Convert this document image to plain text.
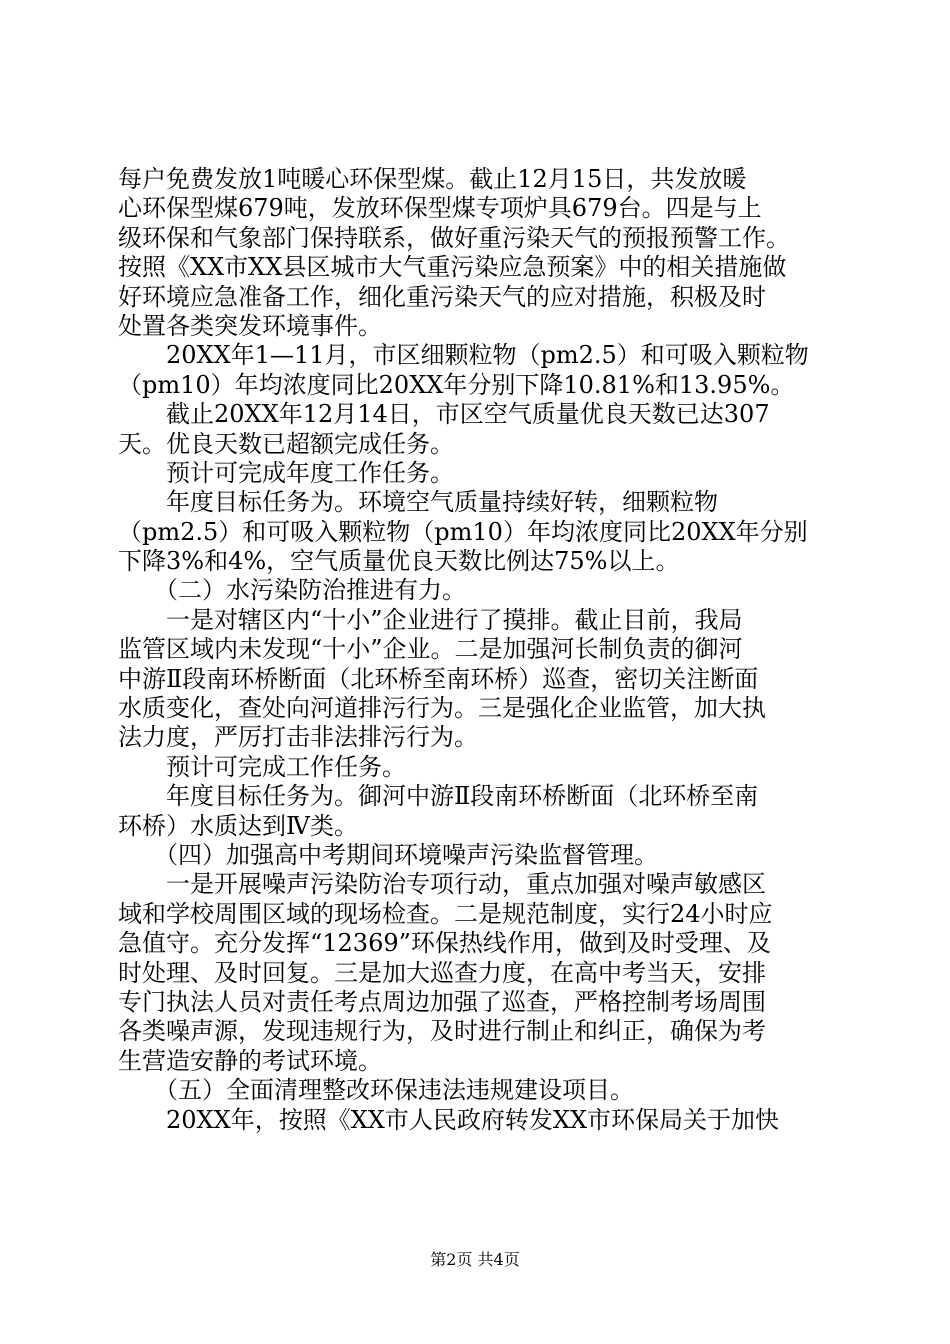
每户免费发放1吨暖心环保型煤。截止12月15日，共发放暖
心环保型煤679吨，发放环保型煤专项炉具679台。四是与上
级环保和气象部门保持联系，做好重污染天气的预报预警工作。
按照《XX市XX县区城市大气重污染应急预案》中的相关措施做
好环境应急准备工作，细化重污染天气的应对措施，积极及时
处置各类突发环境事件。
　　20XX年1—11月，市区细颗粒物（pm2.5）和可吸入颗粒物
（pm10）年均浓度同比20XX年分别下降10.81%和13.95%。
　　截止20XX年12月14日，市区空气质量优良天数已达307
天。优良天数已超额完成任务。
　　预计可完成年度工作任务。
　　年度目标任务为。环境空气质量持续好转，细颗粒物
（pm2.5）和可吸入颗粒物（pm10）年均浓度同比20XX年分别
下降3%和4%，空气质量优良天数比例达75%以上。
　　（二）水污染防治推进有力。
　　一是对辖区内“十小”企业进行了摸排。截止目前，我局
监管区域内未发现“十小”企业。二是加强河长制负责的御河
中游Ⅱ段南环桥断面（北环桥至南环桥）巡查，密切关注断面
水质变化，查处向河道排污行为。三是强化企业监管，加大执
法力度，严厉打击非法排污行为。
　　预计可完成工作任务。
　　年度目标任务为。御河中游Ⅱ段南环桥断面（北环桥至南
环桥）水质达到Ⅳ类。
　　（四）加强高中考期间环境噪声污染监督管理。
　　一是开展噪声污染防治专项行动，重点加强对噪声敏感区
域和学校周围区域的现场检查。二是规范制度，实行24小时应
急值守。充分发挥“12369”环保热线作用，做到及时受理、及
时处理、及时回复。三是加大巡查力度，在高中考当天，安排
专门执法人员对责任考点周边加强了巡查，严格控制考场周围
各类噪声源，发现违规行为，及时进行制止和纠正，确保为考
生营造安静的考试环境。
　　（五）全面清理整改环保违法违规建设项目。
　　20XX年，按照《XX市人民政府转发XX市环保局关于加快
第2页 共4页
